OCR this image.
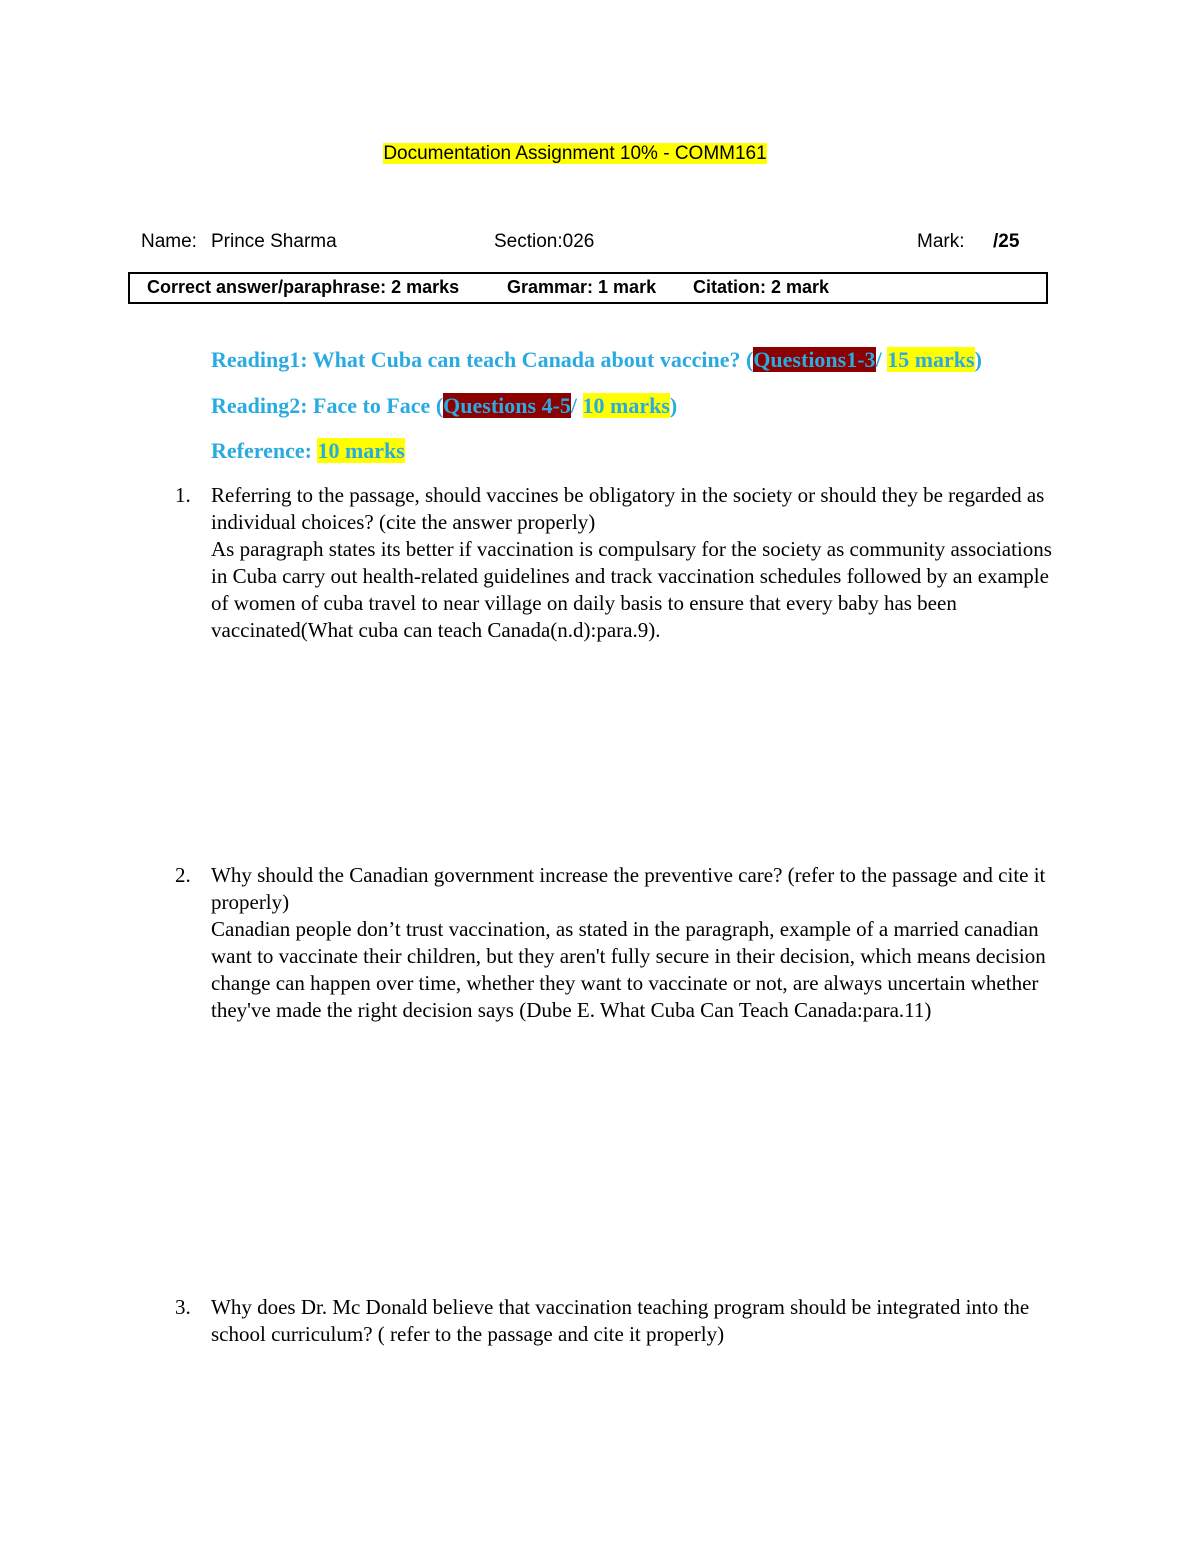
Documentation Assignment 10% - COMM161
Name: Prince Sharma	Section:026	Mark: /25
Correct answer/paraphrase: 2 marks	Grammar: 1 mark Citation: 2 mark
Reading1: What Cuba can teach Canada about vaccine? (Questions1-3/ 15 marks)
Reading2: Face to Face (Questions 4-5/ 10 marks)
Reference: 10 marks
1. Referring to the passage, should vaccines be obligatory in the society or should they be regarded as individual choices? (cite the answer properly)
As paragraph states its better if vaccination is compulsary for the society as community associations in Cuba carry out health-related guidelines and track vaccination schedules followed by an example of women of cuba travel to near village on daily basis to ensure that every baby has been vaccinated(What cuba can teach Canada(n.d):para.9).
2. Why should the Canadian government increase the preventive care? (refer to the passage and cite it properly)
Canadian people don’t trust vaccination, as stated in the paragraph, example of a married canadian want to vaccinate their children, but they aren't fully secure in their decision, which means decision change can happen over time, whether they want to vaccinate or not, are always uncertain whether they've made the right decision says (Dube E. What Cuba Can Teach Canada:para.11)
3. Why does Dr. Mc Donald believe that vaccination teaching program should be integrated into the school curriculum? ( refer to the passage and cite it properly)
